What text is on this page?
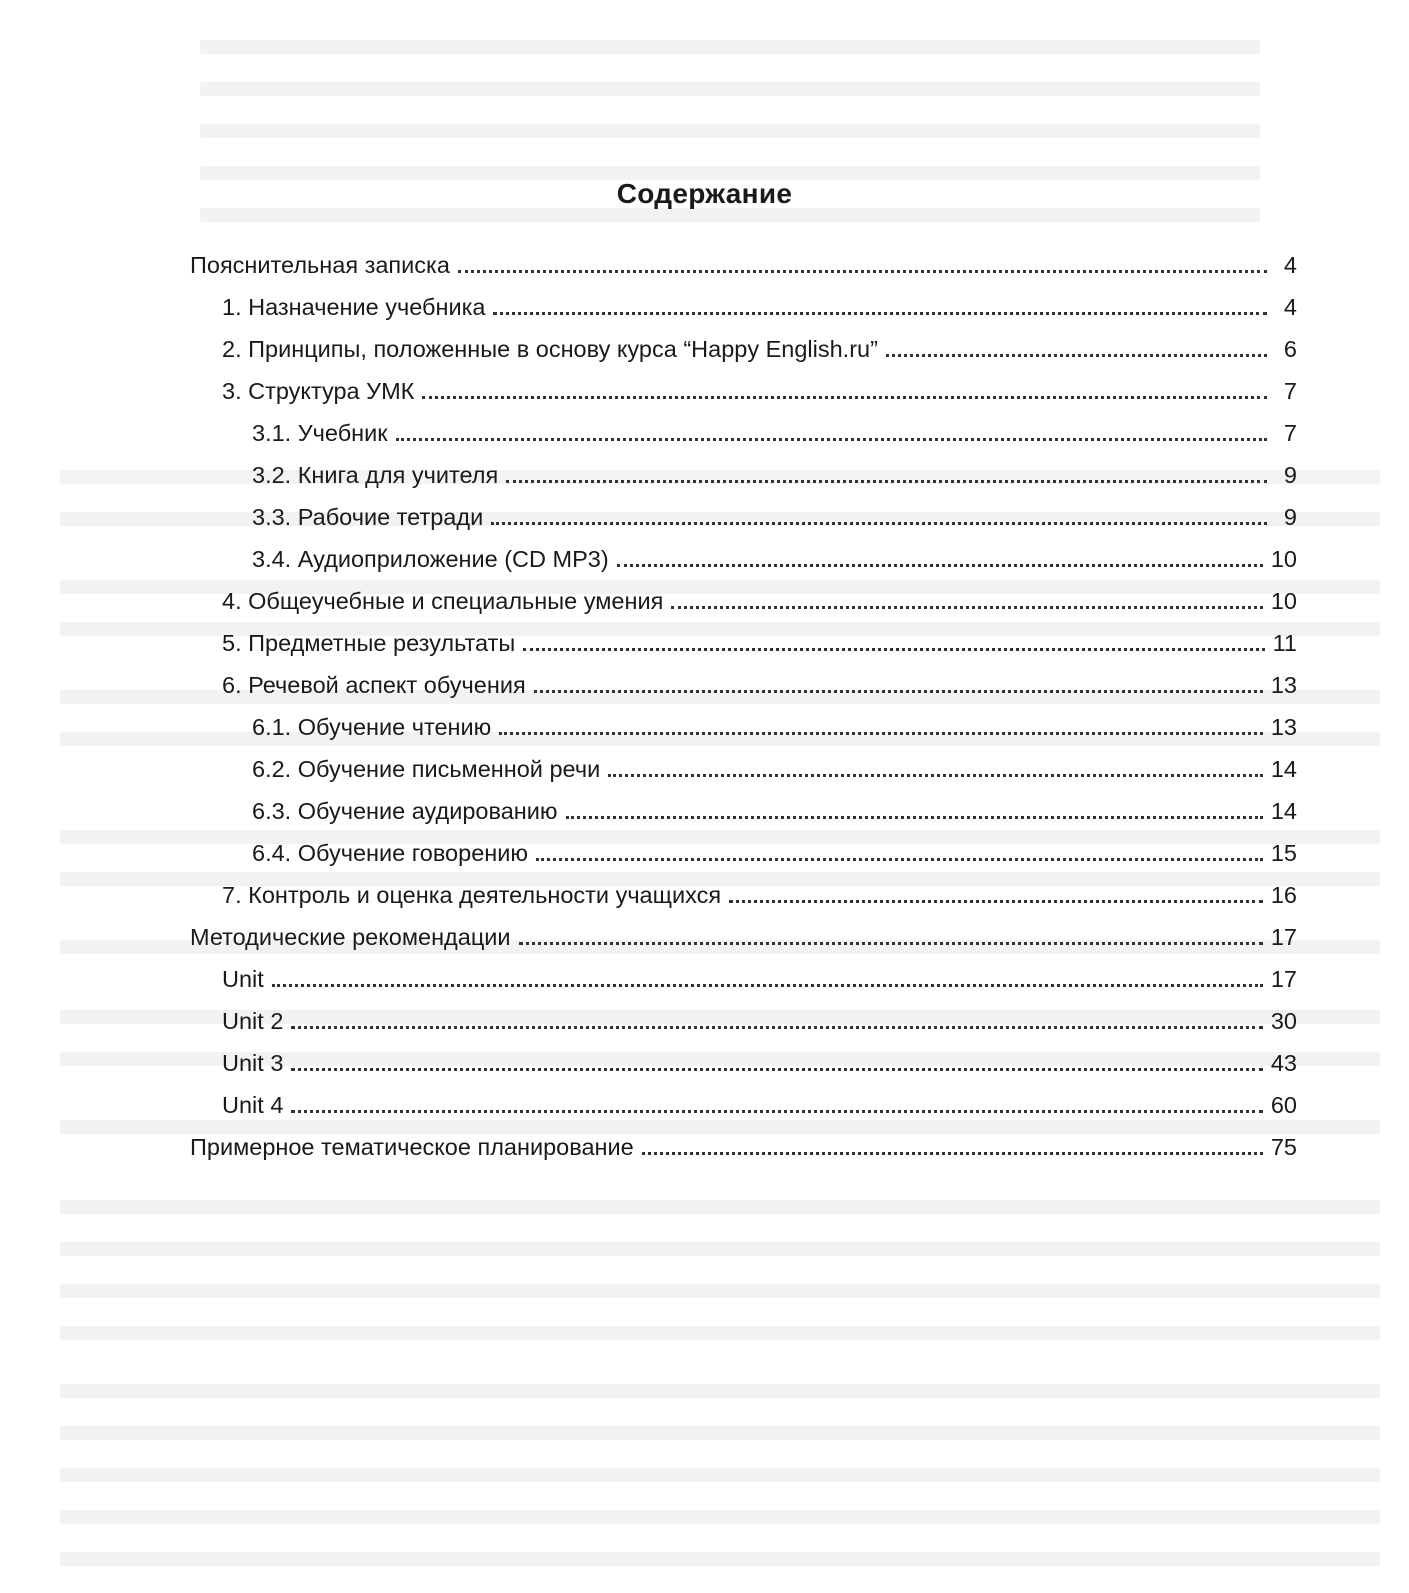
Содержание
Пояснительная записка	4
1. Назначение учебника	4
2. Принципы, положенные в основу курса “Happy English.ru”	6
3. Структура УМК	7
3.1. Учебник	7
3.2. Книга для учителя	9
3.3. Рабочие тетради	9
3.4. Аудиоприложение (CD MP3)	10
4. Общеучебные и специальные умения	10
5. Предметные результаты	11
6. Речевой аспект обучения	13
6.1. Обучение чтению	13
6.2. Обучение письменной речи	14
6.3. Обучение аудированию	14
6.4. Обучение говорению	15
7. Контроль и оценка деятельности учащихся	16
Методические рекомендации	17
Unit	17
Unit 2	30
Unit 3	43
Unit 4	60
Примерное тематическое планирование	75
